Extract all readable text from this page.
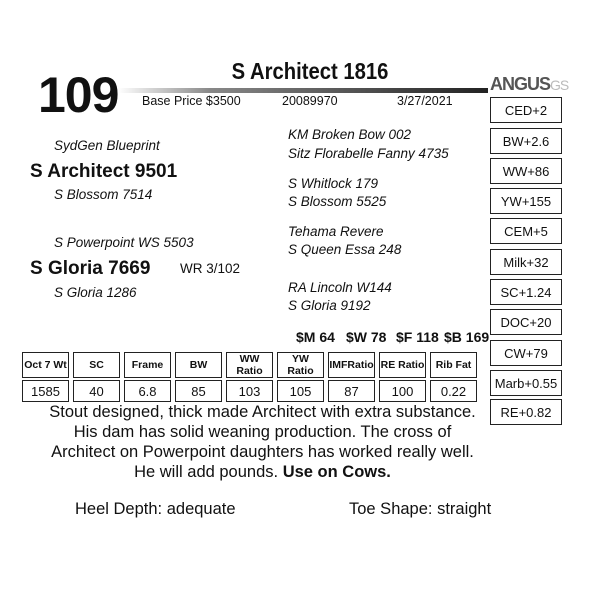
109	S Architect 1816
Base Price $3500	20089970	3/27/2021
SydGen Blueprint
S Architect 9501
S Blossom 7514
S Powerpoint WS 5503
S Gloria 7669 WR 3/102
S Gloria 1286
KM Broken Bow 002
Sitz Florabelle Fanny 4735
S Whitlock 179
S Blossom 5525
Tehama Revere
S Queen Essa 248
RA Lincoln W144
S Gloria 9192
ANGUSGS
CED+2
BW+2.6
WW+86
YW+155
CEM+5
Milk+32
SC+1.24
DOC+20
CW+79
Marb+0.55
RE+0.82
$M 64 $W 78 $F 118 $B 169
Oct 7 Wt	SC	Frame	BW	WW Ratio	YW Ratio	IMFRatio	RE Ratio	Rib Fat
1585	40	6.8	85	103	105	87	100	0.22
Stout designed, thick made Architect with extra substance. His dam has solid weaning production. The cross of Architect on Powerpoint daughters has worked really well. He will add pounds. Use on Cows.
Heel Depth: adequate	Toe Shape: straight
